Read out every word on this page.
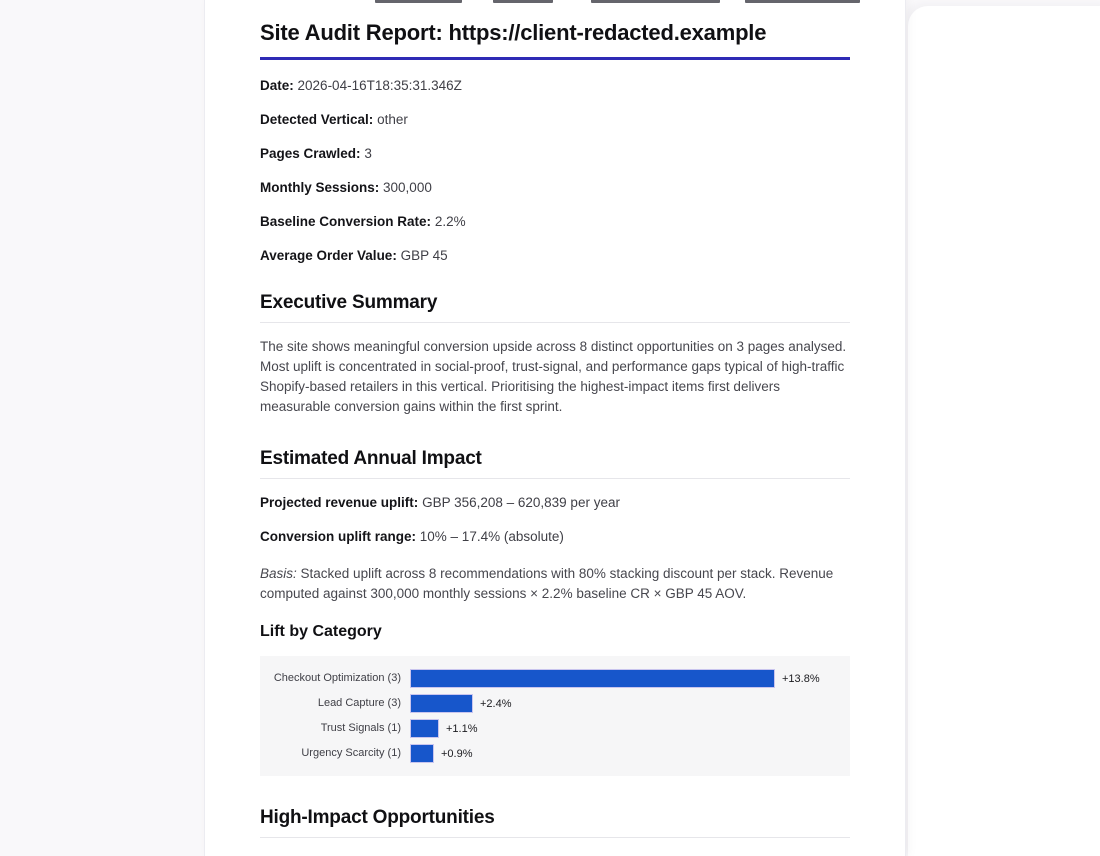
Site Audit Report: https://client-redacted.example
Date: 2026-04-16T18:35:31.346Z
Detected Vertical: other
Pages Crawled: 3
Monthly Sessions: 300,000
Baseline Conversion Rate: 2.2%
Average Order Value: GBP 45
Executive Summary

The site shows meaningful conversion upside across 8 distinct opportunities on 3 pages analysed. Most uplift is concentrated in social-proof, trust-signal, and performance gaps typical of high-traffic Shopify-based retailers in this vertical. Prioritising the highest-impact items first delivers measurable conversion gains within the first sprint.

Estimated Annual Impact
Projected revenue uplift: GBP 356,208 – 620,839 per year
Conversion uplift range: 10% – 17.4% (absolute)

Basis: Stacked uplift across 8 recommendations with 80% stacking discount per stack. Revenue computed against 300,000 monthly sessions × 2.2% baseline CR × GBP 45 AOV.

Lift by Category
Checkout Optimization (3)	+13.8%
Lead Capture (3)	+2.4%
Trust Signals (1)	+1.1%
Urgency Scarcity (1)	+0.9%
High-Impact Opportunities
